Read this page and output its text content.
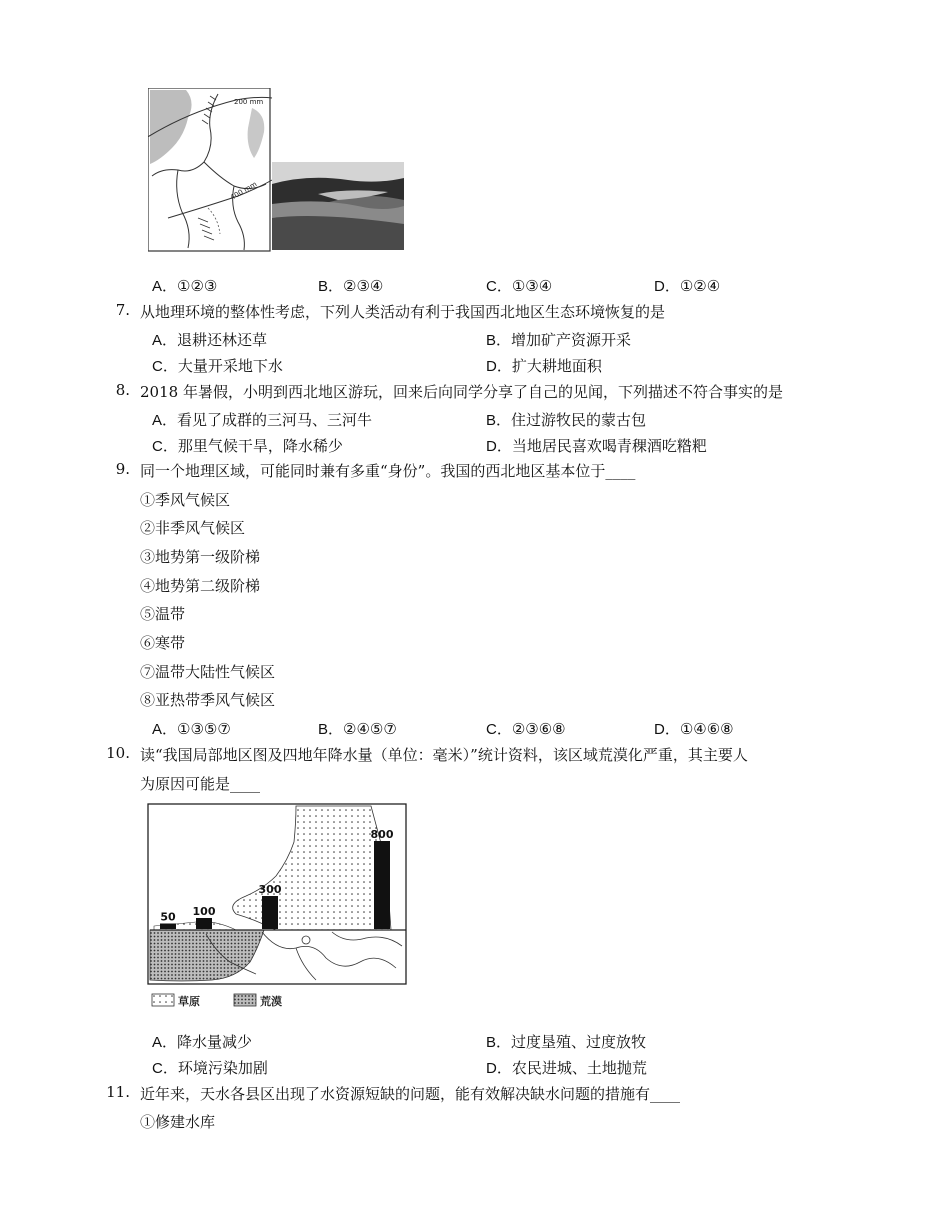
200 mm
400 mm
A．①②③	B．②③④	C．①③④	D．①②④
7. 从地理环境的整体性考虑，下列人类活动有利于我国西北地区生态环境恢复的是
A．退耕还林还草	B．增加矿产资源开采
C．大量开采地下水	D．扩大耕地面积
8. 2018 年暑假，小明到西北地区游玩，回来后向同学分享了自己的见闻，下列描述不符合事实的是
A．看见了成群的三河马、三河牛	B．住过游牧民的蒙古包
C．那里气候干旱，降水稀少	D．当地居民喜欢喝青稞酒吃糌粑
9. 同一个地理区域，可能同时兼有多重“身份”。我国的西北地区基本位于____
①季风气候区
②非季风气候区
③地势第一级阶梯
④地势第二级阶梯
⑤温带
⑥寒带
⑦温带大陆性气候区
⑧亚热带季风气候区
A．①③⑤⑦	B．②④⑤⑦	C．②③⑥⑧	D．①④⑥⑧
10. 读“我国局部地区图及四地年降水量（单位：毫米）”统计资料，该区域荒漠化严重，其主要人
为原因可能是____
50 100
300
800
草原	荒漠
A．降水量减少	B．过度垦殖、过度放牧
C．环境污染加剧	D．农民进城、土地抛荒
11. 近年来，天水各县区出现了水资源短缺的问题，能有效解决缺水问题的措施有____
①修建水库
